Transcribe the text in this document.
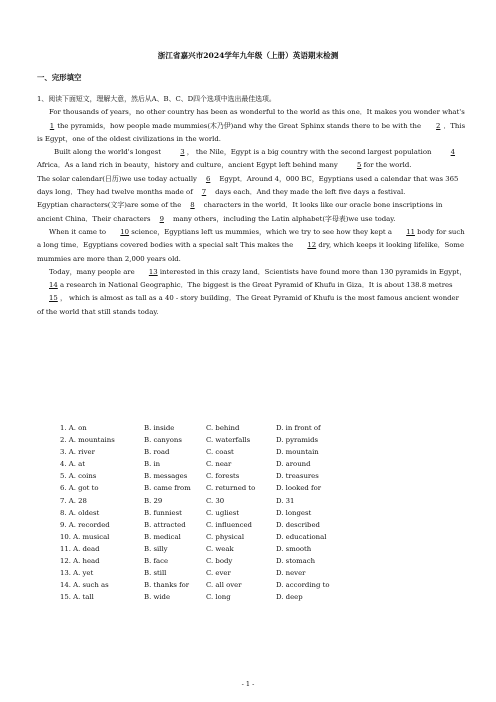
浙江省嘉兴市2024学年九年级（上册）英语期末检测
一、完形填空

1、阅读下面短文，理解大意，然后从A、B、C、D四个选项中选出最佳选项。

For thousands of years，no other country has been as wonderful to the world as this one．It makes you wonder what's 1 the pyramids，how people made mummies(木乃伊)and why the Great Sphinx stands there to be with the 2 ．This is Egypt，one of the oldest civilizations in the world.

Built along the world's longest 3 ， the Nile，Egypt is a big country with the second largest population 4 Africa．As a land rich in beauty，history and culture，ancient Egypt left behind many 5 for the world.

The solar calendar(日历)we use today actually 6 Egypt．Around 4，000 BC，Egyptians used a calendar that was 365 days long．They had twelve months made of 7 days each．And they made the left five days a festival.

Egyptian characters(文字)are some of the 8 characters in the world．It looks like our oracle bone inscriptions in ancient China．Their characters 9 many others，including the Latin alphabet(字母表)we use today.

When it came to 10 science，Egyptians left us mummies，which we try to see how they kept a 11 body for such a long time．Egyptians covered bodies with a special salt This makes the 12 dry, which keeps it looking lifelike．Some mummies are more than 2,000 years old.

Today，many people are 13 interested in this crazy land．Scientists have found more than 130 pyramids in Egypt，14 a research in National Geographic．The biggest is the Great Pyramid of Khufu in Giza．It is about 138.8 metres 15 ， which is almost as tall as a 40 - story building．The Great Pyramid of Khufu is the most famous ancient wonder of the world that still stands today.

1. A. on	B. inside	C. behind	D. in front of
2. A. mountains	B. canyons	C. waterfalls	D. pyramids
3. A. river	B. road	C. coast	D. mountain
4. A. at	B. in	C. near	D. around
5. A. coins	B. messages	C. forests	D. treasures
6. A. got to	B. came from	C. returned to	D. looked for
7. A. 28	B. 29	C. 30	D. 31
8. A. oldest	B. funniest	C. ugliest	D. longest
9. A. recorded	B. attracted	C. influenced	D. described
10. A. musical	B. medical	C. physical	D. educational
11. A. dead	B. silly	C. weak	D. smooth
12. A. head	B. face	C. body	D. stomach
13. A. yet	B. still	C. ever	D. never
14. A. such as	B. thanks for	C. all over	D. according to
15. A. tall	B. wide	C. long	D. deep
- 1 -
